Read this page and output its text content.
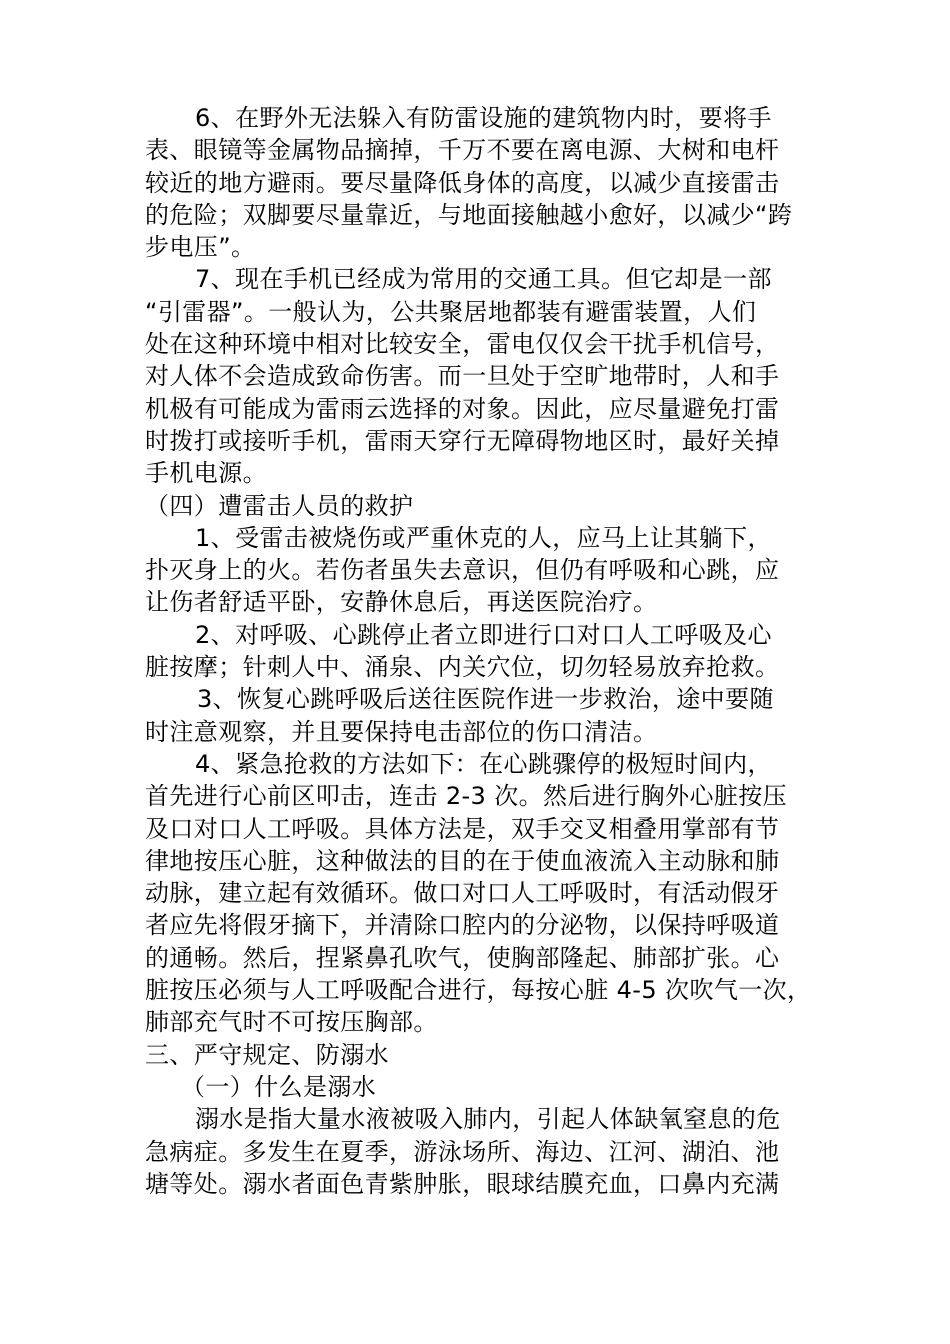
6、在野外无法躲入有防雷设施的建筑物内时，要将手
表、眼镜等金属物品摘掉，千万不要在离电源、大树和电杆
较近的地方避雨。要尽量降低身体的高度，以减少直接雷击
的危险；双脚要尽量靠近，与地面接触越小愈好，以减少“跨
步电压”。
7、现在手机已经成为常用的交通工具。但它却是一部
“引雷器”。一般认为，公共聚居地都装有避雷装置，人们
处在这种环境中相对比较安全，雷电仅仅会干扰手机信号，
对人体不会造成致命伤害。而一旦处于空旷地带时，人和手
机极有可能成为雷雨云选择的对象。因此，应尽量避免打雷
时拨打或接听手机，雷雨天穿行无障碍物地区时，最好关掉
手机电源。
（四）遭雷击人员的救护
1、受雷击被烧伤或严重休克的人，应马上让其躺下，
扑灭身上的火。若伤者虽失去意识，但仍有呼吸和心跳，应
让伤者舒适平卧，安静休息后，再送医院治疗。
2、对呼吸、心跳停止者立即进行口对口人工呼吸及心
脏按摩；针刺人中、涌泉、内关穴位，切勿轻易放弃抢救。
3、恢复心跳呼吸后送往医院作进一步救治，途中要随
时注意观察，并且要保持电击部位的伤口清洁。
4、紧急抢救的方法如下：在心跳骤停的极短时间内，
首先进行心前区叩击，连击 2-3 次。然后进行胸外心脏按压
及口对口人工呼吸。具体方法是，双手交叉相叠用掌部有节
律地按压心脏，这种做法的目的在于使血液流入主动脉和肺
动脉，建立起有效循环。做口对口人工呼吸时，有活动假牙
者应先将假牙摘下，并清除口腔内的分泌物，以保持呼吸道
的通畅。然后，捏紧鼻孔吹气，使胸部隆起、肺部扩张。心
脏按压必须与人工呼吸配合进行，每按心脏 4-5 次吹气一次，
肺部充气时不可按压胸部。
三、严守规定、防溺水
（一）什么是溺水
溺水是指大量水液被吸入肺内，引起人体缺氧窒息的危
急病症。多发生在夏季，游泳场所、海边、江河、湖泊、池
塘等处。溺水者面色青紫肿胀，眼球结膜充血，口鼻内充满
